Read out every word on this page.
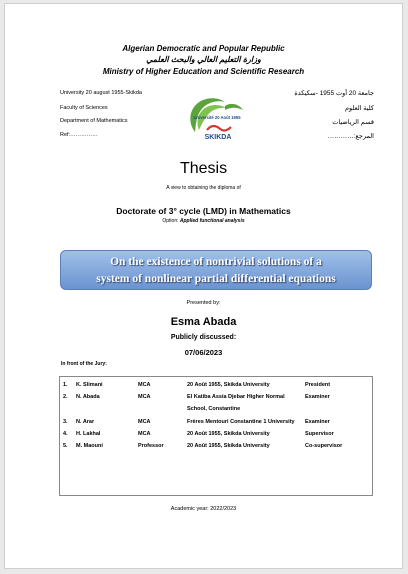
Algerian Democratic and Popular Republic
وزارة التعليم العالي والبحث العلمي
Ministry of Higher Education and Scientific Research
University 20 august 1955-Skikda
Faculty of Sciences
Department of Mathematics
Ref:……………
جامعة 20 أوت 1955 -سكيكدة
كلية العلوم
قسم الرياضيات
المرجع:…………
Université 20 Août 1955
SKIKDA
Thesis
A view to obtaining the diploma of
Doctorate of 3° cycle (LMD) in Mathematics
Option: Applied functional analysis
On the existence of nontrivial solutions of a
system of nonlinear partial differential equations
Presented by:
Esma Abada
Publicly discussed:
07/06/2023
In front of the Jury:
1.	K. Slimani	MCA	20 Août 1955, Skikda University	President
2.	N. Abada	MCA	El Katiba Assia Djebar Higher Normal School, Constantine	Examiner
3.	N. Arar	MCA	Frères Mentouri Constantine 1 University	Examiner
4.	H. Lakhal	MCA	20 Août 1955, Skikda University	Supervisor
5.	M. Maouni	Professor	20 Août 1955, Skikda University	Co-supervisor
Academic year: 2022/2023
